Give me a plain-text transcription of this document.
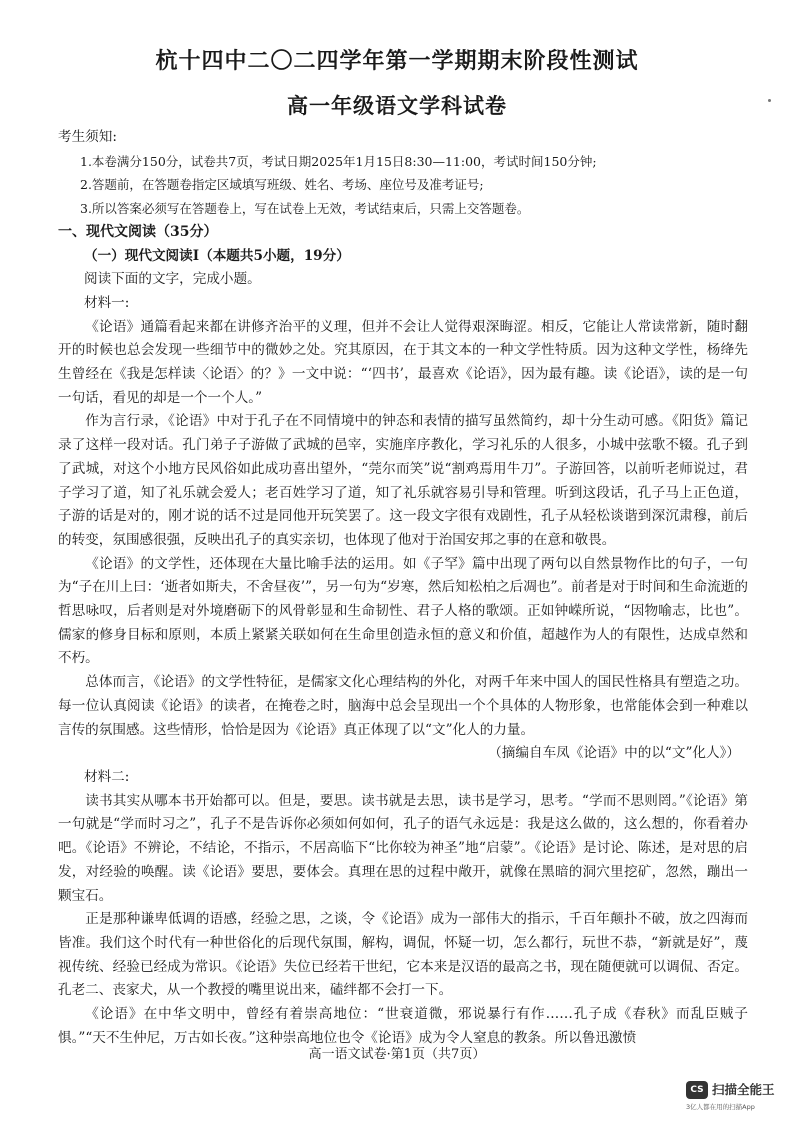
杭十四中二〇二四学年第一学期期末阶段性测试
高一年级语文学科试卷

考生须知:

1.本卷满分150分，试卷共7页，考试日期2025年1月15日8:30—11:00，考试时间150分钟;

2.答题前，在答题卷指定区域填写班级、姓名、考场、座位号及准考证号;

3.所以答案必须写在答题卷上，写在试卷上无效，考试结束后，只需上交答题卷。

一、现代文阅读（35分）

（一）现代文阅读Ⅰ（本题共5小题，19分）

阅读下面的文字，完成小题。

材料一:

《论语》通篇看起来都在讲修齐治平的义理，但并不会让人觉得艰深晦涩。相反，它能让人常读常新，随时翻开的时候也总会发现一些细节中的微妙之处。究其原因，在于其文本的一种文学性特质。因为这种文学性，杨绛先生曾经在《我是怎样读〈论语〉的？》一文中说：“‘四书’，最喜欢《论语》，因为最有趣。读《论语》，读的是一句一句话，看见的却是一个一个人。”

作为言行录，《论语》中对于孔子在不同情境中的钟态和表情的描写虽然简约，却十分生动可感。《阳货》篇记录了这样一段对话。孔门弟子子游做了武城的邑宰，实施庠序教化，学习礼乐的人很多，小城中弦歌不辍。孔子到了武城，对这个小地方民风俗如此成功喜出望外，“莞尔而笑”说“割鸡焉用牛刀”。子游回答，以前听老师说过，君子学习了道，知了礼乐就会爱人；老百姓学习了道，知了礼乐就容易引导和管理。听到这段话，孔子马上正色道，子游的话是对的，刚才说的话不过是同他开玩笑罢了。这一段文字很有戏剧性，孔子从轻松谈谐到深沉肃穆，前后的转变，氛围感很强，反映出孔子的真实亲切，也体现了他对于治国安邦之事的在意和敬畏。

《论语》的文学性，还体现在大量比喻手法的运用。如《子罕》篇中出现了两句以自然景物作比的句子，一句为“子在川上曰：‘逝者如斯夫，不舍昼夜’”，另一句为“岁寒，然后知松柏之后凋也”。前者是对于时间和生命流逝的哲思咏叹，后者则是对外境磨砺下的风骨彰显和生命韧性、君子人格的歌颂。正如钟嵘所说，“因物喻志，比也”。儒家的修身目标和原则，本质上紧紧关联如何在生命里创造永恒的意义和价值，超越作为人的有限性，达成卓然和不朽。

总体而言，《论语》的文学性特征，是儒家文化心理结构的外化，对两千年来中国人的国民性格具有塑造之功。每一位认真阅读《论语》的读者，在掩卷之时，脑海中总会呈现出一个个具体的人物形象，也常能体会到一种难以言传的氛围感。这些情形，恰恰是因为《论语》真正体现了以“文”化人的力量。

（摘编自车凤《论语》中的以“文”化人》）

材料二:

读书其实从哪本书开始都可以。但是，要思。读书就是去思，读书是学习，思考。“学而不思则罔。”《论语》第一句就是“学而时习之”，孔子不是告诉你必须如何如何，孔子的语气永远是：我是这么做的，这么想的，你看着办吧。《论语》不辨论，不结论，不指示，不居高临下“比你较为神圣”地“启蒙”。《论语》是讨论、陈述，是对思的启发，对经验的唤醒。读《论语》要思，要体会。真理在思的过程中敞开，就像在黑暗的洞穴里挖矿，忽然，蹦出一颗宝石。

正是那种谦卑低调的语感，经验之思，之谈，令《论语》成为一部伟大的指示，千百年颠扑不破，放之四海而皆准。我们这个时代有一种世俗化的后现代氛围，解构，调侃，怀疑一切，怎么都行，玩世不恭，“新就是好”，蔑视传统、经验已经成为常识。《论语》失位已经若干世纪，它本来是汉语的最高之书，现在随便就可以调侃、否定。孔老二、丧家犬，从一个教授的嘴里说出来，磕绊都不会打一下。

《论语》在中华文明中，曾经有着崇高地位：“世衰道微，邪说暴行有作……孔子成《春秋》而乱臣贼子惧。”“天不生仲尼，万古如长夜。”这种崇高地位也令《论语》成为令人窒息的教条。所以鲁迅激愤

高一语文试卷·第1页（共7页）
CS 扫描全能王
3亿人都在用的扫描App
